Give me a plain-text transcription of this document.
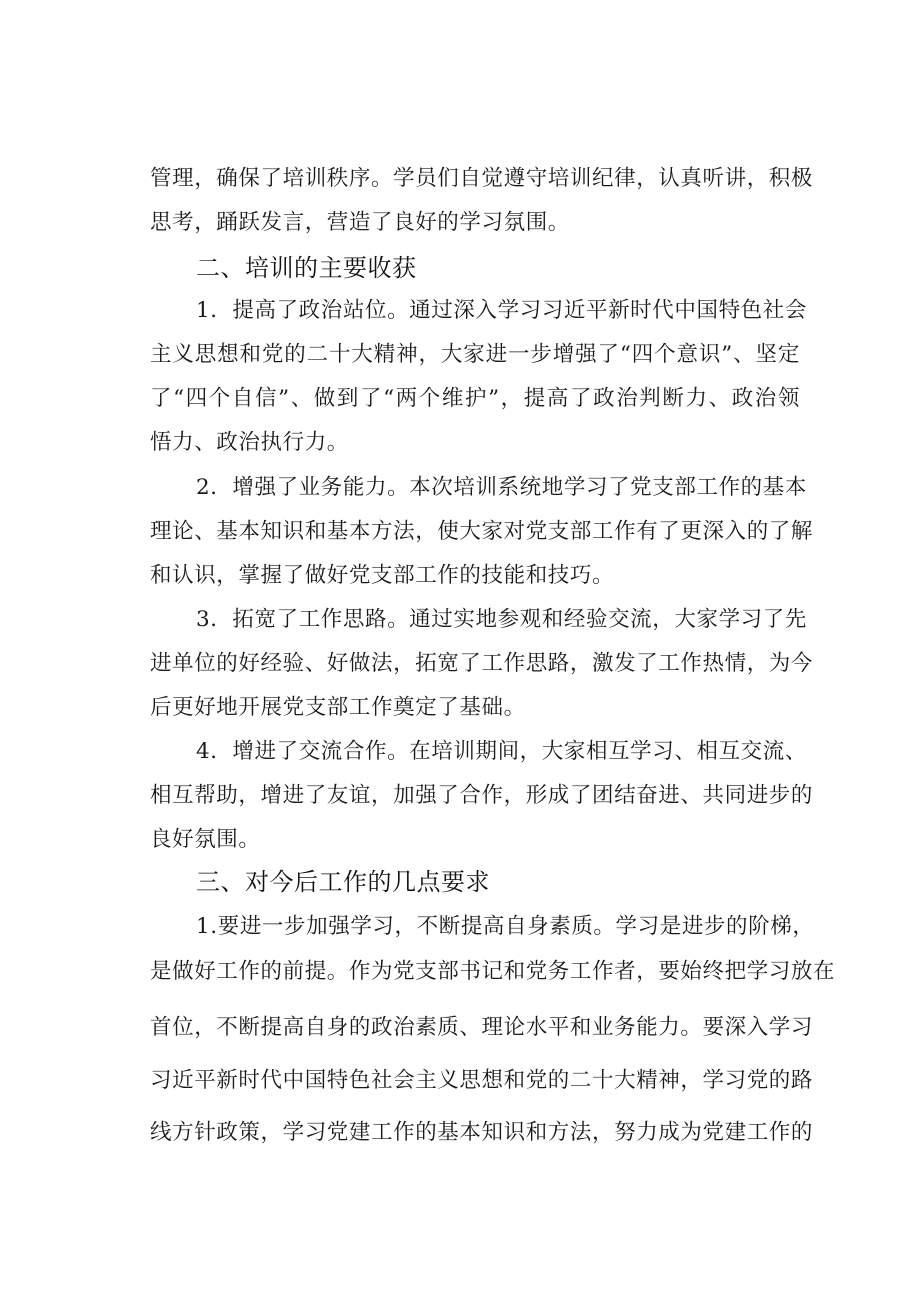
管理，确保了培训秩序。学员们自觉遵守培训纪律，认真听讲，积极
思考，踊跃发言，营造了良好的学习氛围。
二、培训的主要收获
1．提高了政治站位。通过深入学习习近平新时代中国特色社会
主义思想和党的二十大精神，大家进一步增强了“四个意识”、坚定
了“四个自信”、做到了“两个维护”，提高了政治判断力、政治领
悟力、政治执行力。
2．增强了业务能力。本次培训系统地学习了党支部工作的基本
理论、基本知识和基本方法，使大家对党支部工作有了更深入的了解
和认识，掌握了做好党支部工作的技能和技巧。
3．拓宽了工作思路。通过实地参观和经验交流，大家学习了先
进单位的好经验、好做法，拓宽了工作思路，激发了工作热情，为今
后更好地开展党支部工作奠定了基础。
4．增进了交流合作。在培训期间，大家相互学习、相互交流、
相互帮助，增进了友谊，加强了合作，形成了团结奋进、共同进步的
良好氛围。
三、对今后工作的几点要求
1.要进一步加强学习，不断提高自身素质。学习是进步的阶梯，
是做好工作的前提。作为党支部书记和党务工作者，要始终把学习放在
首位，不断提高自身的政治素质、理论水平和业务能力。要深入学习
习近平新时代中国特色社会主义思想和党的二十大精神，学习党的路
线方针政策，学习党建工作的基本知识和方法，努力成为党建工作的
